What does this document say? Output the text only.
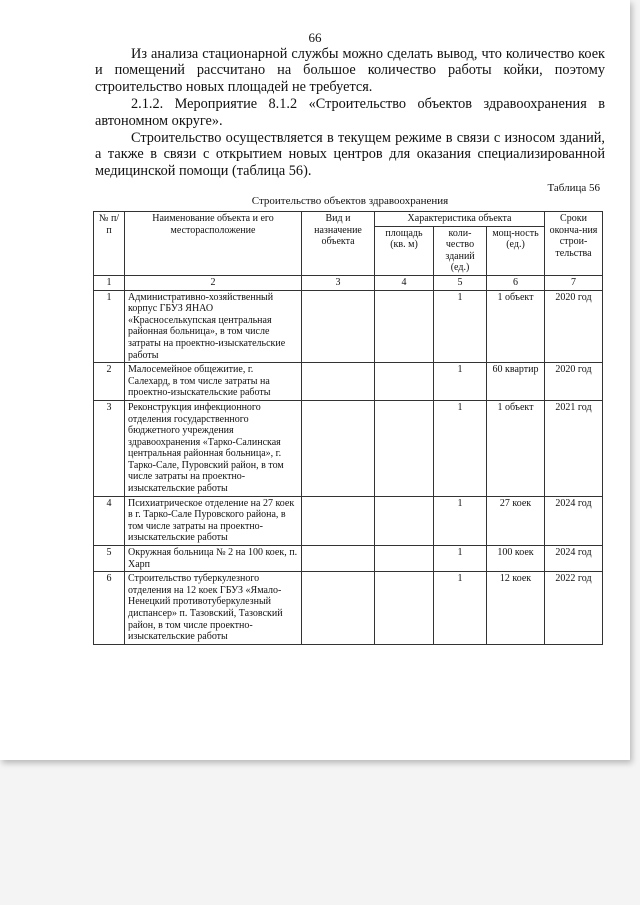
66

Из анализа стационарной службы можно сделать вывод, что количество коек и помещений рассчитано на большое количество работы койки, поэтому строительство новых площадей не требуется.

2.1.2. Мероприятие 8.1.2 «Строительство объектов здравоохранения в автономном округе».

Строительство осуществляется в текущем режиме в связи с износом зданий, а также в связи с открытием новых центров для оказания специализированной медицинской помощи (таблица 56).

Таблица 56
Строительство объектов здравоохранения
№ п/п	Наименование объекта и его месторасположение	Вид и назначение объекта	Характеристика объекта			Сроки оконча-ния строи-тельства
			площадь (кв. м)	коли-чество зданий (ед.)	мощ-ность (ед.)	
1	2	3	4	5	6	7
1	Административно-хозяйственный корпус ГБУЗ ЯНАО «Красноселькупская центральная районная больница», в том числе затраты на проектно-изыскательские работы			1	1 объект	2020 год
2	Малосемейное общежитие, г. Салехард, в том числе затраты на проектно-изыскательские работы			1	60 квартир	2020 год
3	Реконструкция инфекционного отделения государственного бюджетного учреждения здравоохранения «Тарко-Салинская центральная районная больница», г. Тарко-Сале, Пуровский район, в том числе затраты на проектно-изыскательские работы			1	1 объект	2021 год
4	Психиатрическое отделение на 27 коек в г. Тарко-Сале Пуровского района, в том числе затраты на проектно-изыскательские работы			1	27 коек	2024 год
5	Окружная больница № 2 на 100 коек, п. Харп			1	100 коек	2024 год
6	Строительство туберкулезного отделения на 12 коек ГБУЗ «Ямало-Ненецкий противотуберкулезный диспансер» п. Тазовский, Тазовский район, в том числе проектно-изыскательские работы			1	12 коек	2022 год
